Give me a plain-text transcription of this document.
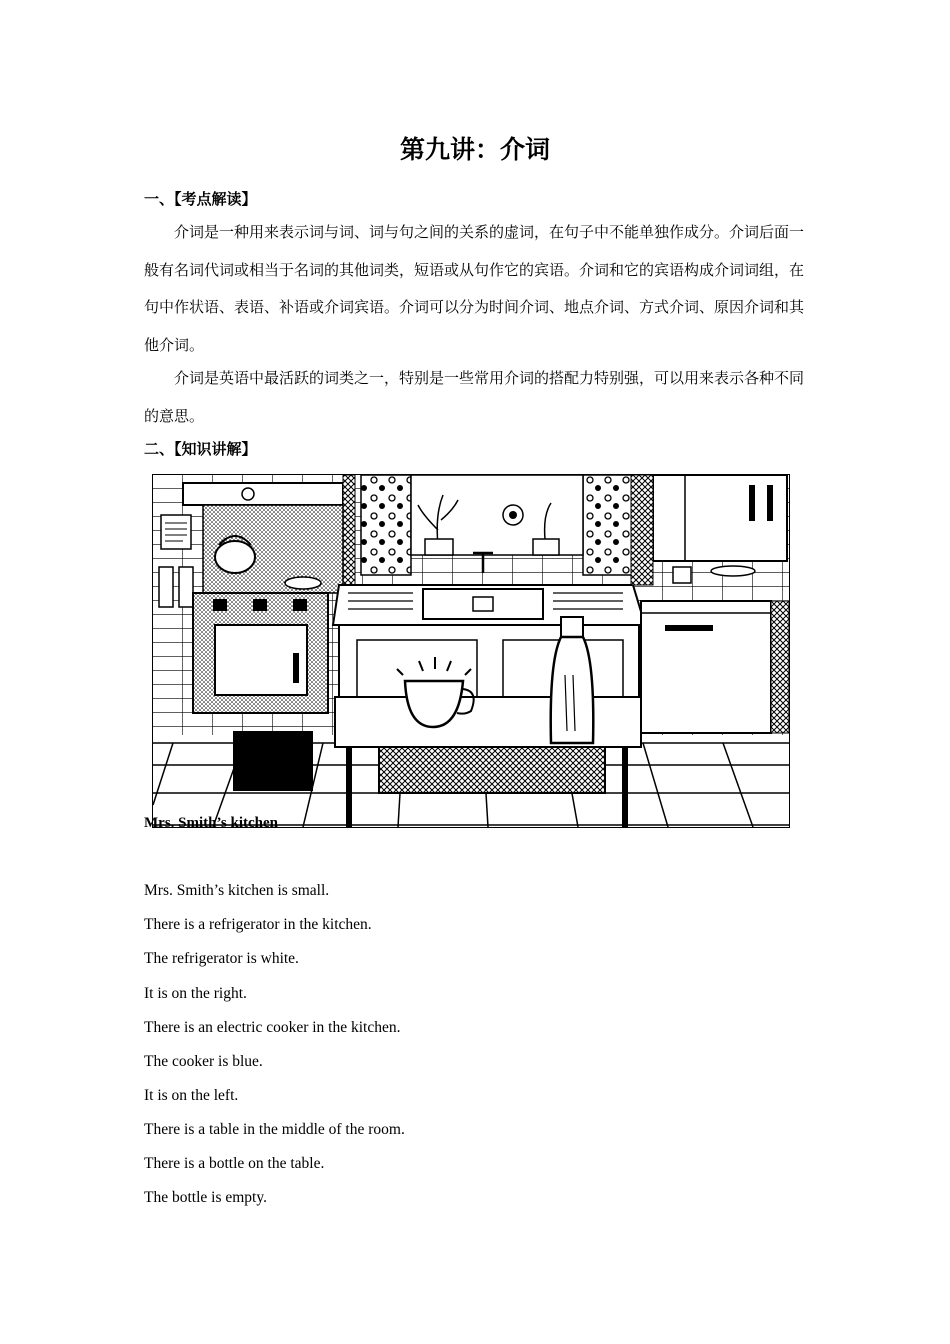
第九讲：介词
一、【考点解读】

介词是一种用来表示词与词、词与句之间的关系的虚词，在句子中不能单独作成分。介词后面一般有名词代词或相当于名词的其他词类，短语或从句作它的宾语。介词和它的宾语构成介词词组，在句中作状语、表语、补语或介词宾语。介词可以分为时间介词、地点介词、方式介词、原因介词和其他介词。

介词是英语中最活跃的词类之一，特别是一些常用介词的搭配力特别强，可以用来表示各种不同的意思。

二、【知识讲解】
Mrs. Smith’s kitchen
Mrs. Smith’s kitchen is small.
There is a refrigerator in the kitchen.
The refrigerator is white.
It is on the right.
There is an electric cooker in the kitchen.
The cooker is blue.
It is on the left.
There is a table in the middle of the room.
There is a bottle on the table.
The bottle is empty.
